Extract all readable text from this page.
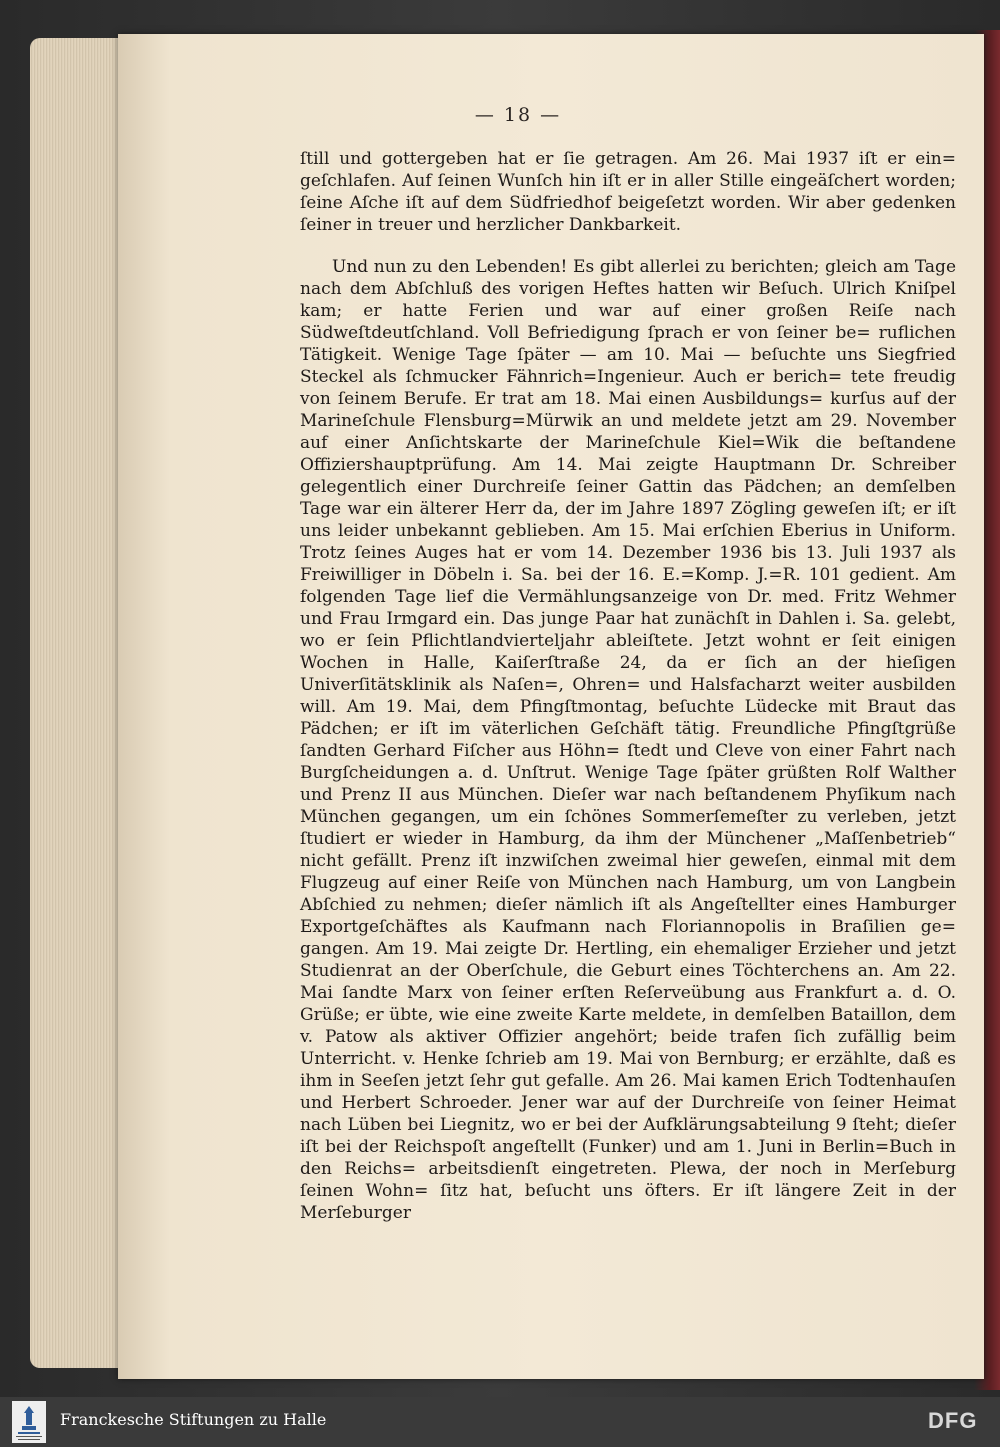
— 18 —

ſtill und gottergeben hat er ſie getragen. Am 26. Mai 1937 iſt er ein= geſchlafen. Auf ſeinen Wunſch hin iſt er in aller Stille eingeäſchert worden; ſeine Aſche iſt auf dem Südfriedhof beigeſetzt worden. Wir aber gedenken ſeiner in treuer und herzlicher Dankbarkeit.

Und nun zu den Lebenden! Es gibt allerlei zu berichten; gleich am Tage nach dem Abſchluß des vorigen Heftes hatten wir Beſuch. Ulrich Kniſpel kam; er hatte Ferien und war auf einer großen Reiſe nach Südweſtdeutſchland. Voll Befriedigung ſprach er von ſeiner be= ruflichen Tätigkeit. Wenige Tage ſpäter — am 10. Mai — beſuchte uns Siegfried Steckel als ſchmucker Fähnrich=Ingenieur. Auch er berich= tete freudig von ſeinem Berufe. Er trat am 18. Mai einen Ausbildungs= kurſus auf der Marineſchule Flensburg=Mürwik an und meldete jetzt am 29. November auf einer Anſichtskarte der Marineſchule Kiel=Wik die beſtandene Offiziershauptprüfung. Am 14. Mai zeigte Hauptmann Dr. Schreiber gelegentlich einer Durchreiſe ſeiner Gattin das Pädchen; an demſelben Tage war ein älterer Herr da, der im Jahre 1897 Zögling geweſen iſt; er iſt uns leider unbekannt geblieben. Am 15. Mai erſchien Eberius in Uniform. Trotz ſeines Auges hat er vom 14. Dezember 1936 bis 13. Juli 1937 als Freiwilliger in Döbeln i. Sa. bei der 16. E.=Komp. J.=R. 101 gedient. Am folgenden Tage lief die Vermählungsanzeige von Dr. med. Fritz Wehmer und Frau Irmgard ein. Das junge Paar hat zunächſt in Dahlen i. Sa. gelebt, wo er ſein Pflichtlandvierteljahr ableiſtete. Jetzt wohnt er ſeit einigen Wochen in Halle, Kaiſerſtraße 24, da er ſich an der hieſigen Univerſitätsklinik als Naſen=, Ohren= und Halsfacharzt weiter ausbilden will. Am 19. Mai, dem Pfingſtmontag, beſuchte Lüdecke mit Braut das Pädchen; er iſt im väterlichen Geſchäft tätig. Freundliche Pfingſtgrüße ſandten Gerhard Fiſcher aus Höhn= ſtedt und Cleve von einer Fahrt nach Burgſcheidungen a. d. Unſtrut. Wenige Tage ſpäter grüßten Rolf Walther und Prenz II aus München. Dieſer war nach beſtandenem Phyſikum nach München gegangen, um ein ſchönes Sommerſemeſter zu verleben, jetzt ſtudiert er wieder in Hamburg, da ihm der Münchener „Maſſenbetrieb“ nicht gefällt. Prenz iſt inzwiſchen zweimal hier geweſen, einmal mit dem Flugzeug auf einer Reiſe von München nach Hamburg, um von Langbein Abſchied zu nehmen; dieſer nämlich iſt als Angeſtellter eines Hamburger Exportgeſchäftes als Kaufmann nach Floriannopolis in Braſilien ge= gangen. Am 19. Mai zeigte Dr. Hertling, ein ehemaliger Erzieher und jetzt Studienrat an der Oberſchule, die Geburt eines Töchterchens an. Am 22. Mai ſandte Marx von ſeiner erſten Reſerveübung aus Frankfurt a. d. O. Grüße; er übte, wie eine zweite Karte meldete, in demſelben Bataillon, dem v. Patow als aktiver Offizier angehört; beide trafen ſich zufällig beim Unterricht. v. Henke ſchrieb am 19. Mai von Bernburg; er erzählte, daß es ihm in Seeſen jetzt ſehr gut gefalle. Am 26. Mai kamen Erich Todtenhauſen und Herbert Schroeder. Jener war auf der Durchreiſe von ſeiner Heimat nach Lüben bei Liegnitz, wo er bei der Aufklärungsabteilung 9 ſteht; dieſer iſt bei der Reichspoſt angeſtellt (Funker) und am 1. Juni in Berlin=Buch in den Reichs= arbeitsdienſt eingetreten. Plewa, der noch in Merſeburg ſeinen Wohn= ſitz hat, beſucht uns öfters. Er iſt längere Zeit in der Merſeburger

Franckesche Stiftungen zu Halle	DFG
